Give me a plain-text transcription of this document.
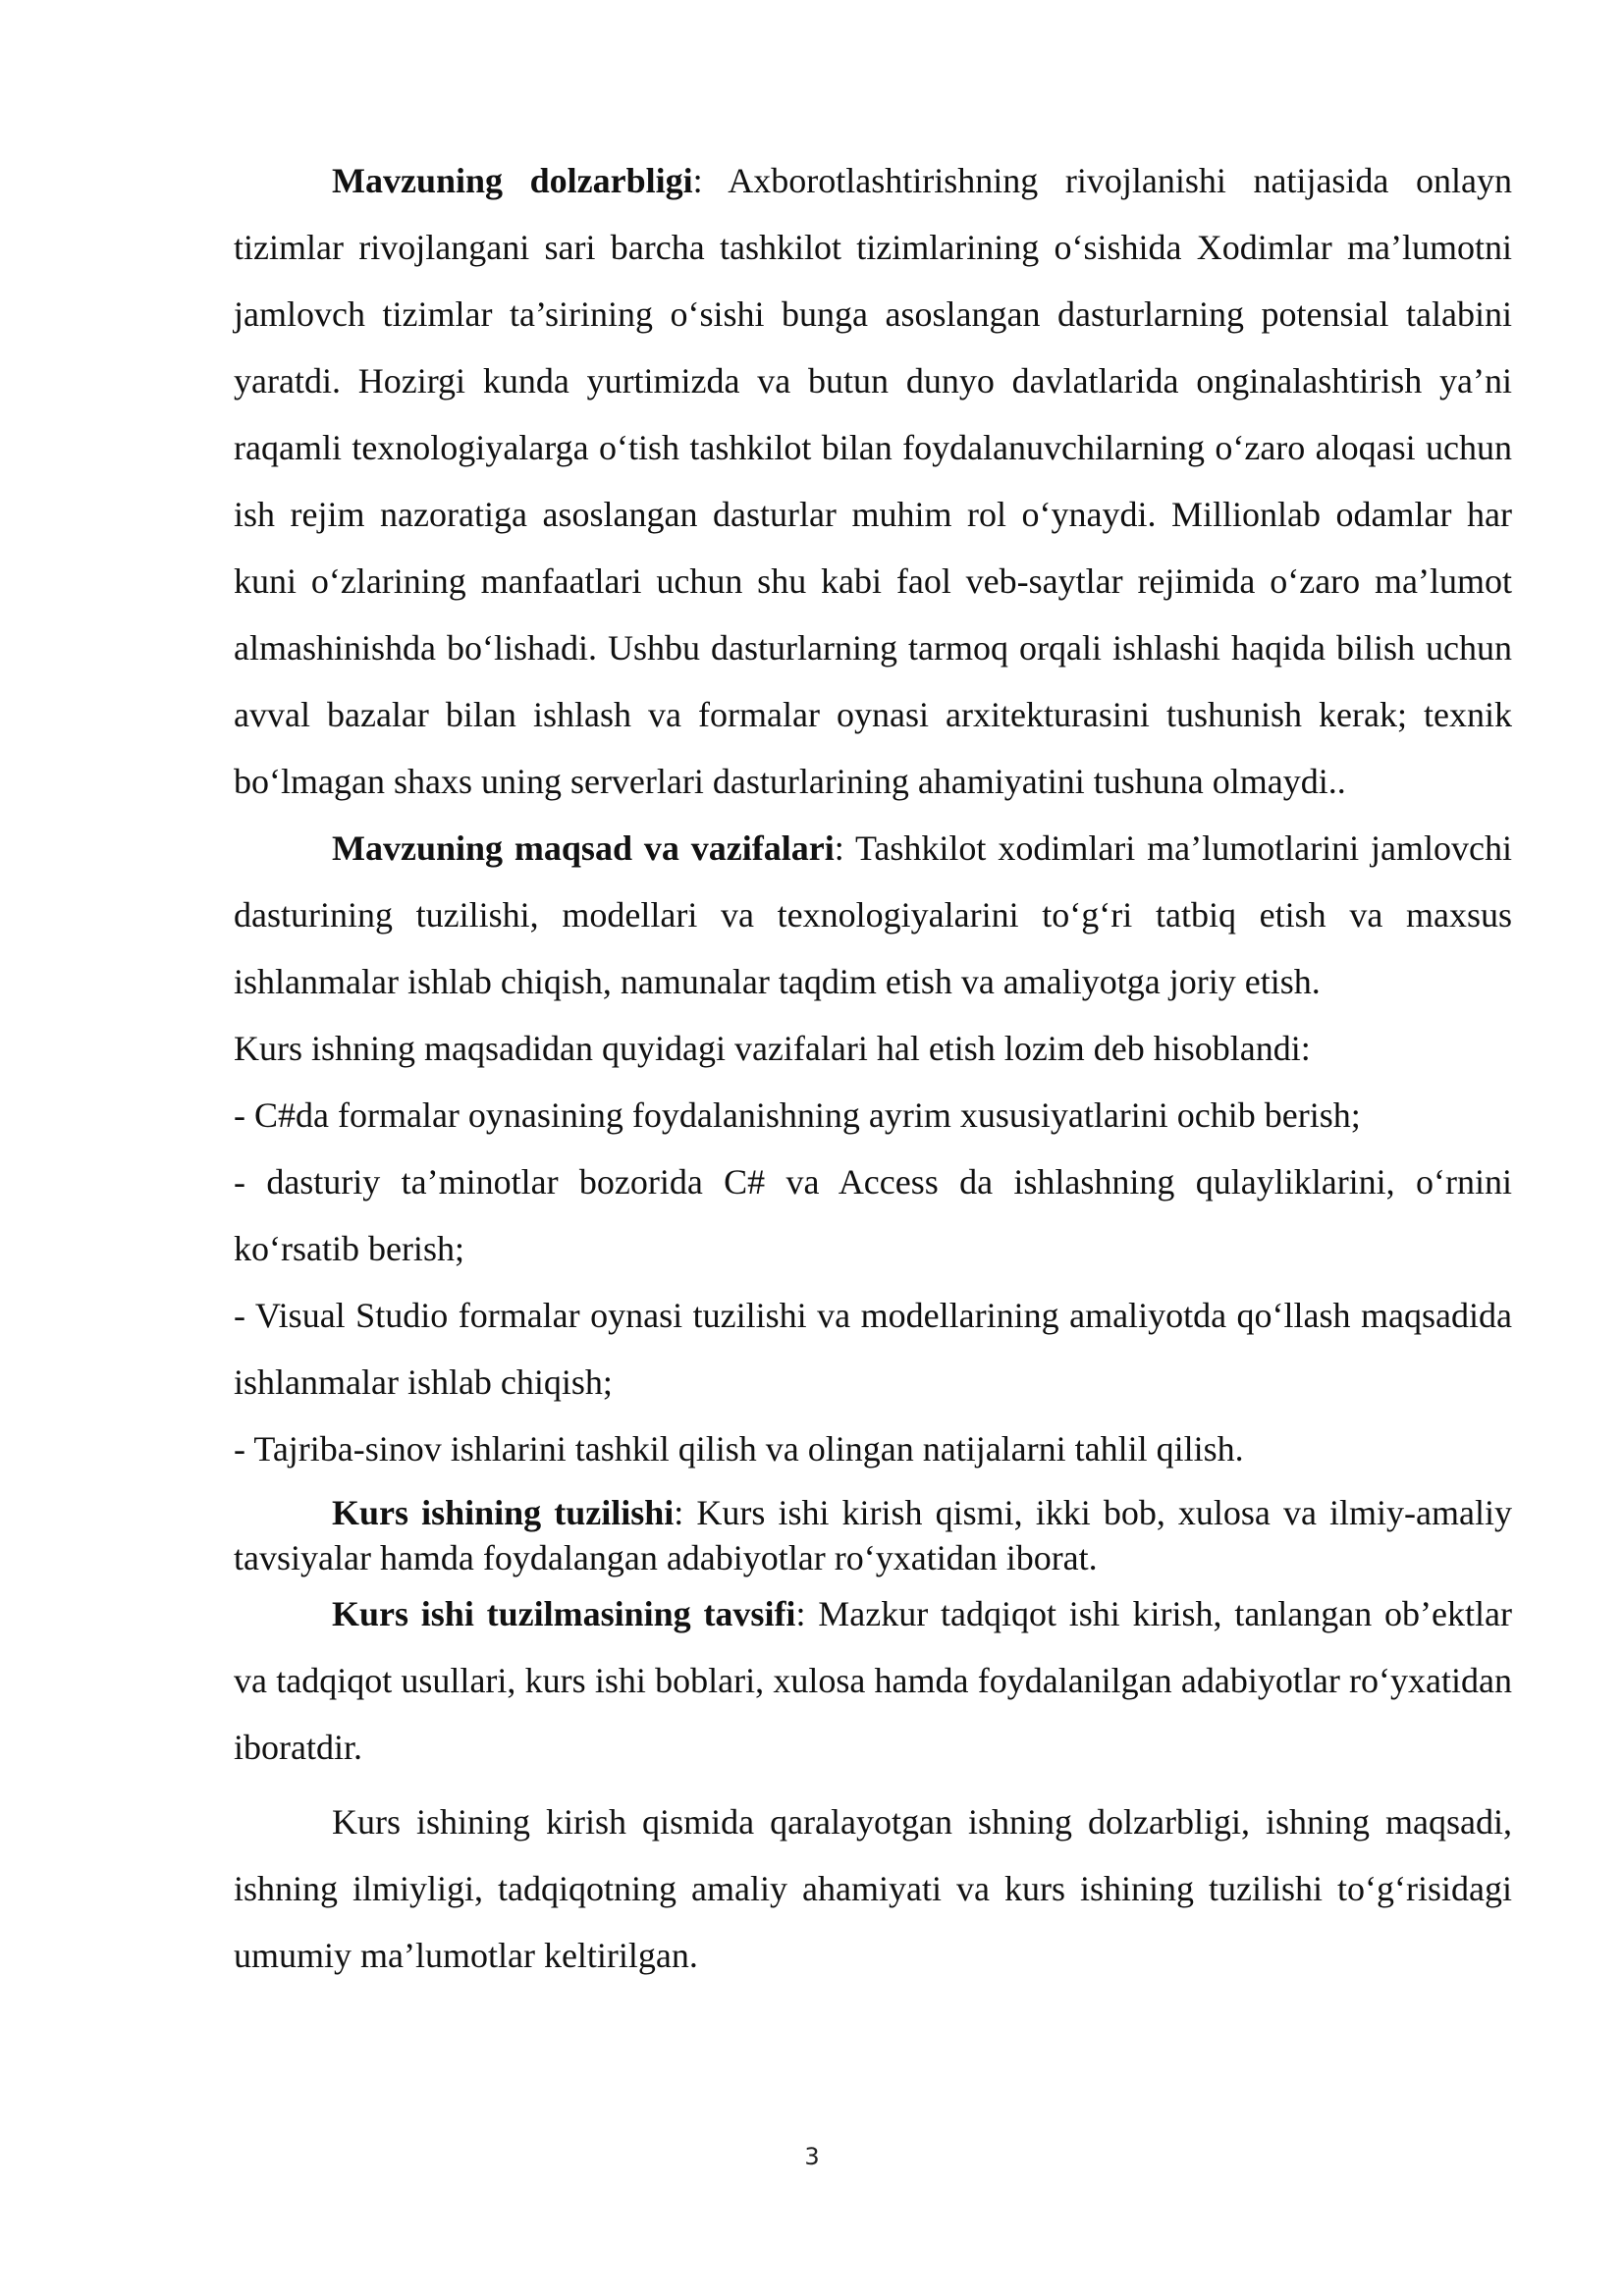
Mavzuning dolzarbligi: Axborotlashtirishning rivojlanishi natijasida onlayn tizimlar rivojlangani sari barcha tashkilot tizimlarining o‘sishida Xodimlar ma’lumotni jamlovch tizimlar ta’sirining o‘sishi bunga asoslangan dasturlarning potensial talabini yaratdi. Hozirgi kunda yurtimizda va butun dunyo davlatlarida onginalashtirish ya’ni raqamli texnologiyalarga o‘tish tashkilot bilan foydalanuvchilarning o‘zaro aloqasi uchun ish rejim nazoratiga asoslangan dasturlar muhim rol o‘ynaydi. Millionlab odamlar har kuni o‘zlarining manfaatlari uchun shu kabi faol veb-saytlar rejimida o‘zaro ma’lumot almashinishda bo‘lishadi. Ushbu dasturlarning tarmoq orqali ishlashi haqida bilish uchun avval bazalar bilan ishlash va formalar oynasi arxitekturasini tushunish kerak; texnik bo‘lmagan shaxs uning serverlari dasturlarining ahamiyatini tushuna olmaydi..

Mavzuning maqsad va vazifalari: Tashkilot xodimlari ma’lumotlarini jamlovchi dasturining tuzilishi, modellari va texnologiyalarini to‘g‘ri tatbiq etish va maxsus ishlanmalar ishlab chiqish, namunalar taqdim etish va amaliyotga joriy etish.

Kurs ishning maqsadidan quyidagi vazifalari hal etish lozim deb hisoblandi:

- C#da formalar oynasining foydalanishning ayrim xususiyatlarini ochib berish;

- dasturiy ta’minotlar bozorida C# va Access da ishlashning qulayliklarini, o‘rnini ko‘rsatib berish;

- Visual Studio formalar oynasi tuzilishi va modellarining amaliyotda qo‘llash maqsadida ishlanmalar ishlab chiqish;

- Tajriba-sinov ishlarini tashkil qilish va olingan natijalarni tahlil qilish.

Kurs ishining tuzilishi: Kurs ishi kirish qismi, ikki bob, xulosa va ilmiy-amaliy tavsiyalar hamda foydalangan adabiyotlar ro‘yxatidan iborat.

Kurs ishi tuzilmasining tavsifi: Mazkur tadqiqot ishi kirish, tanlangan ob’ektlar va tadqiqot usullari, kurs ishi boblari, xulosa hamda foydalanilgan adabiyotlar ro‘yxatidan iboratdir.

Kurs ishining kirish qismida qaralayotgan ishning dolzarbligi, ishning maqsadi, ishning ilmiyligi, tadqiqotning amaliy ahamiyati va kurs ishining tuzilishi to‘g‘risidagi umumiy ma’lumotlar keltirilgan.

3
